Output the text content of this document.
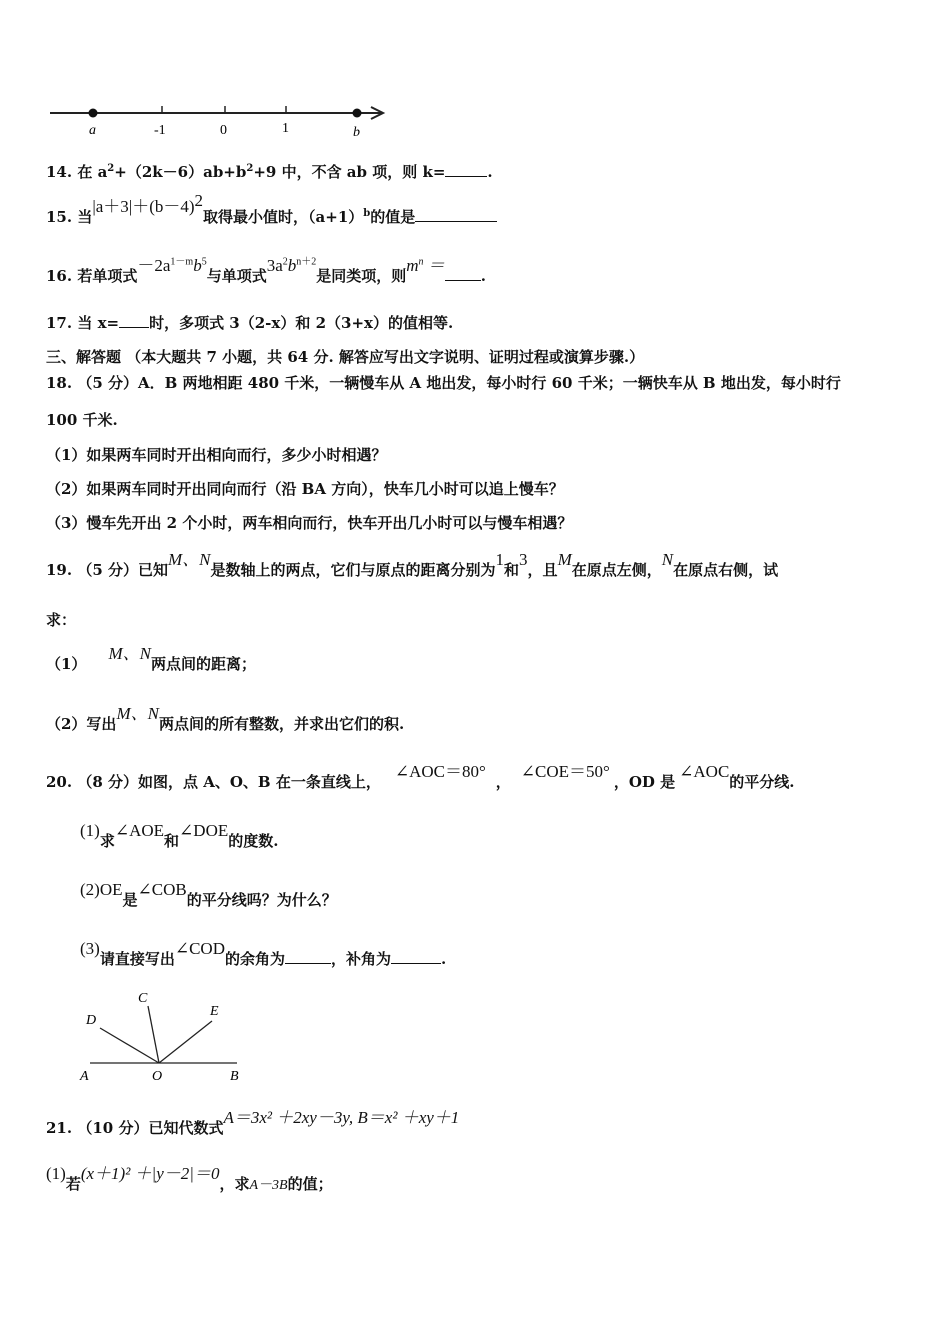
a	-1	0	1	b
14. 在 $a^2+(2k-6)ab+b^2+9$ 中，不含 ab 项，则 k=	.
15. 当$|a+3|+(b-4)^2$取得最小值时，$(a+1)^b$的值是
16. 若单项式$-2a^{1-m}b^5$与单项式$3a^2b^{n+2}$是同类项，则$m^n$ ＝.
17. 当 x= 时，多项式 3（2-x）和 2（3+x）的值相等.
三、解答题 （本大题共 7 小题，共 64 分. 解答应写出文字说明、证明过程或演算步骤.）
18. （5 分）A．B 两地相距 480 千米，一辆慢车从 A 地出发，每小时行 60 千米；一辆快车从 B 地出发，每小时行
100 千米.
（1）如果两车同时开出相向而行，多少小时相遇？
（2）如果两车同时开出同向而行（沿 BA 方向），快车几小时可以追上慢车？
（3）慢车先开出 2 个小时，两车相向而行，快车开出几小时可以与慢车相遇？
19. （5 分）已知M、N是数轴上的两点，它们与原点的距离分别为1和3，且M在原点左侧，N在原点右侧，试
求：
（1）M、N两点间的距离；
（2）写出M、N两点间的所有整数，并求出它们的积.
20. （8 分）如图，点 A、O、B 在一条直线上，∠AOC＝80°，∠COE＝50°，OD 是∠AOC的平分线.
(1)求∠AOE和∠DOE的度数.
(2)OE是∠COB的平分线吗？为什么？
(3)请直接写出∠COD的余角为	，补角为	.
C
D
E
A	O	B
21. （10 分）已知代数式A＝3x² ＋2xy－3y, B＝x² ＋xy＋1
(1)若(x＋1)² ＋|y－2|＝0，求A－3B的值；
